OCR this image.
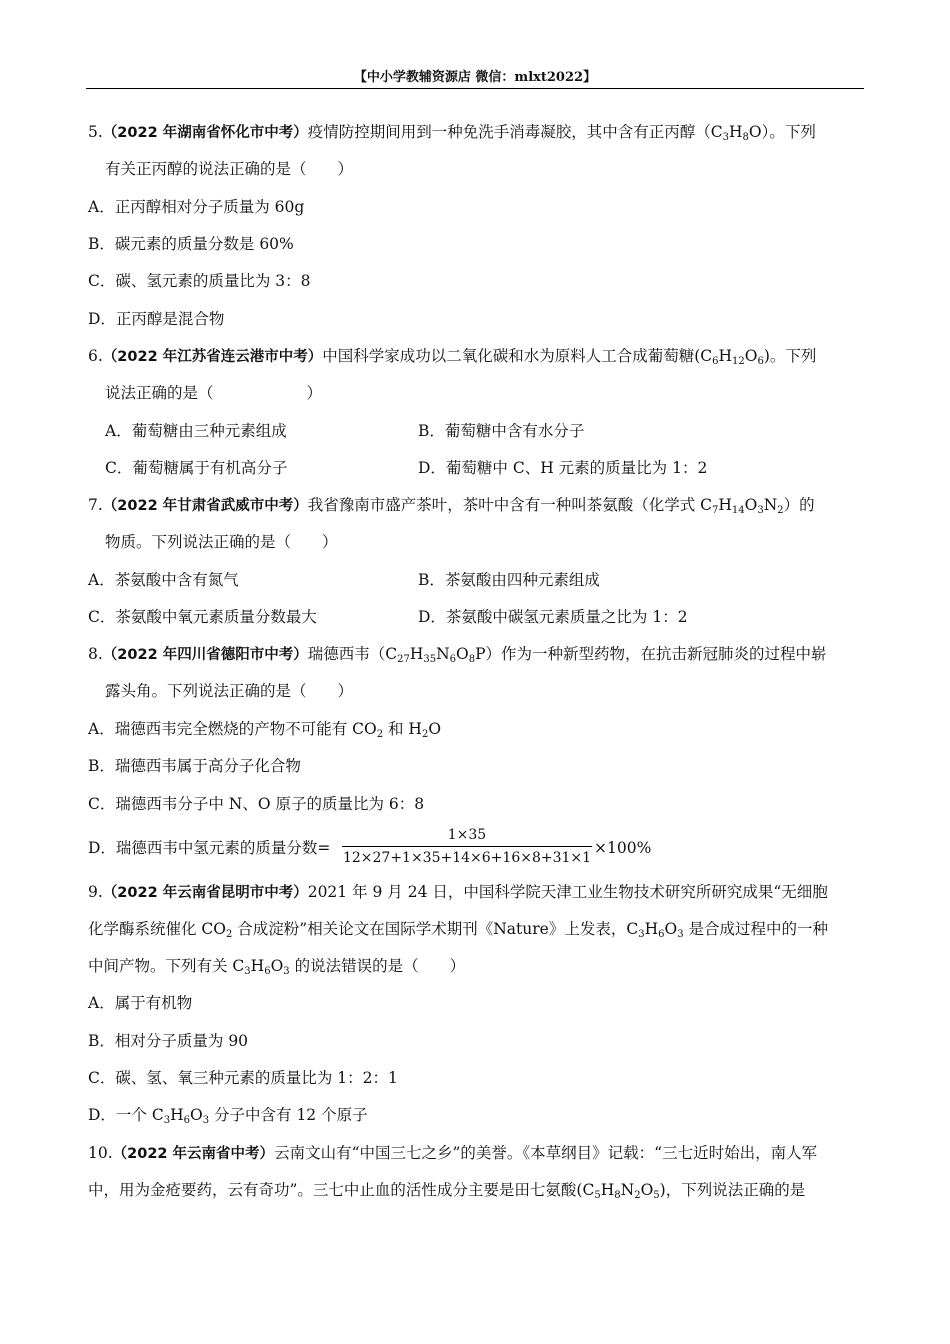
【中小学教辅资源店 微信：mlxt2022】
5.（2022 年湖南省怀化市中考）疫情防控期间用到一种免洗手消毒凝胶，其中含有正丙醇$(C_3H_8O)$。下列
有关正丙醇的说法正确的是（　　）
A．正丙醇相对分子质量为 60g
B．碳元素的质量分数是 60%
C．碳、氢元素的质量比为 3：8
D．正丙醇是混合物
6.（2022 年江苏省连云港市中考）中国科学家成功以二氧化碳和水为原料人工合成葡萄糖$(C_6H_{12}O_6)$。下列
说法正确的是（　　　　　　）
A．葡萄糖由三种元素组成	B．葡萄糖中含有水分子
C．葡萄糖属于有机高分子	D．葡萄糖中 C、H 元素的质量比为 1：2
7.（2022 年甘肃省武威市中考）我省豫南市盛产茶叶，茶叶中含有一种叫茶氨酸（化学式 $C_7H_{14}O_3N_2$）的
物质。下列说法正确的是（　　）
A．茶氨酸中含有氮气	B．茶氨酸由四种元素组成
C．茶氨酸中氧元素质量分数最大	D．茶氨酸中碳氢元素质量之比为 1：2
8.（2022 年四川省德阳市中考）瑞德西韦$(C_{27}H_{35}N_6O_8P)$作为一种新型药物，在抗击新冠肺炎的过程中崭
露头角。下列说法正确的是（　　）
A．瑞德西韦完全燃烧的产物不可能有 $CO_2$ 和 $H_2O$
B．瑞德西韦属于高分子化合物
C．瑞德西韦分子中 N、O 原子的质量比为 6：8
D．瑞德西韦中氢元素的质量分数=
1×35
12×27+1×35+14×6+16×8+31×1
×100%
9.（2022 年云南省昆明市中考）2021 年 9 月 24 日，中国科学院天津工业生物技术研究所研究成果“无细胞
化学酶系统催化 $CO_2$ 合成淀粉”相关论文在国际学术期刊《Nature》上发表，$C_3H_6O_3$ 是合成过程中的一种
中间产物。下列有关 $C_3H_6O_3$ 的说法错误的是（　　）
A．属于有机物
B．相对分子质量为 90
C．碳、氢、氧三种元素的质量比为 1：2：1
D．一个 $C_3H_6O_3$ 分子中含有 12 个原子
10.（2022 年云南省中考）云南文山有“中国三七之乡”的美誉。《本草纲目》记载：“三七近时始出，南人军
中，用为金疮要药，云有奇功”。三七中止血的活性成分主要是田七氨酸$(C_5H_8N_2O_5)$，下列说法正确的是
